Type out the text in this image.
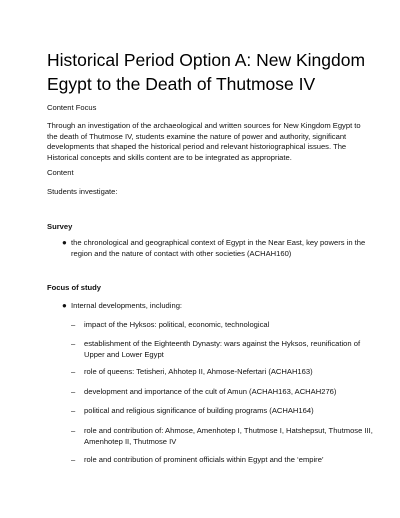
Historical Period Option A: New Kingdom Egypt to the Death of Thutmose IV

Content Focus

Through an investigation of the archaeological and written sources for New Kingdom Egypt to the death of Thutmose IV, students examine the nature of power and authority, significant developments that shaped the historical period and relevant historiographical issues. The Historical concepts and skills content are to be integrated as appropriate.

Content

Students investigate:

Survey

● the chronological and geographical context of Egypt in the Near East, key powers in the region and the nature of contact with other societies (ACHAH160)

Focus of study

● Internal developments, including:

– impact of the Hyksos: political, economic, technological

– establishment of the Eighteenth Dynasty: wars against the Hyksos, reunification of Upper and Lower Egypt

– role of queens: Tetisheri, Ahhotep II, Ahmose-Nefertari (ACHAH163)

– development and importance of the cult of Amun (ACHAH163, ACHAH276)

– political and religious significance of building programs (ACHAH164)

– role and contribution of: Ahmose, Amenhotep I, Thutmose I, Hatshepsut, Thutmose III, Amenhotep II, Thutmose IV

– role and contribution of prominent officials within Egypt and the ‘empire’
